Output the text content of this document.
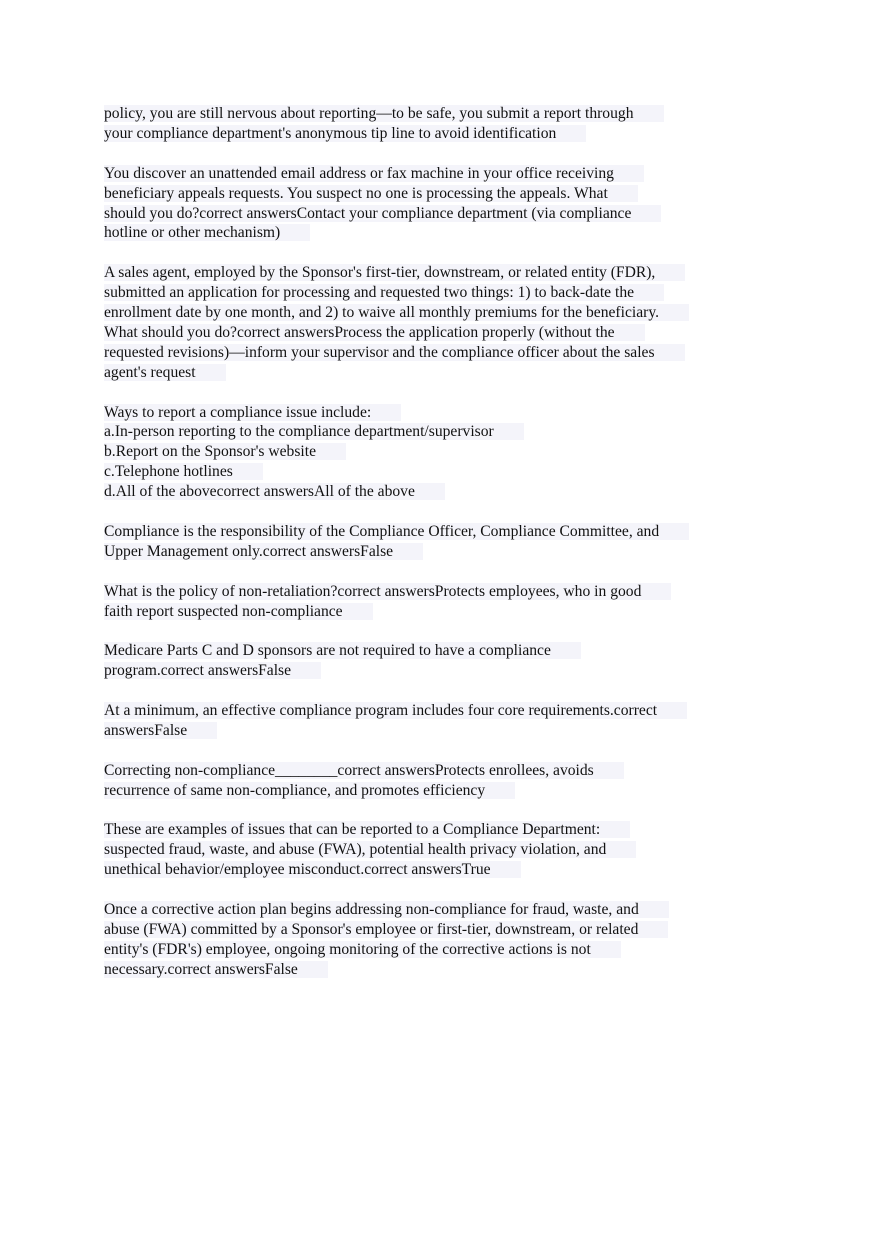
policy, you are still nervous about reporting—to be safe, you submit a report through
your compliance department's anonymous tip line to avoid identification
You discover an unattended email address or fax machine in your office receiving
beneficiary appeals requests. You suspect no one is processing the appeals. What
should you do?correct answersContact your compliance department (via compliance
hotline or other mechanism)
A sales agent, employed by the Sponsor's first-tier, downstream, or related entity (FDR),
submitted an application for processing and requested two things: 1) to back-date the
enrollment date by one month, and 2) to waive all monthly premiums for the beneficiary.
What should you do?correct answersProcess the application properly (without the
requested revisions)—inform your supervisor and the compliance officer about the sales
agent's request
Ways to report a compliance issue include:
a.In-person reporting to the compliance department/supervisor
b.Report on the Sponsor's website
c.Telephone hotlines
d.All of the abovecorrect answersAll of the above
Compliance is the responsibility of the Compliance Officer, Compliance Committee, and
Upper Management only.correct answersFalse
What is the policy of non-retaliation?correct answersProtects employees, who in good
faith report suspected non-compliance
Medicare Parts C and D sponsors are not required to have a compliance
program.correct answersFalse
At a minimum, an effective compliance program includes four core requirements.correct
answersFalse
Correcting non-compliance________correct answersProtects enrollees, avoids
recurrence of same non-compliance, and promotes efficiency
These are examples of issues that can be reported to a Compliance Department:
suspected fraud, waste, and abuse (FWA), potential health privacy violation, and
unethical behavior/employee misconduct.correct answersTrue
Once a corrective action plan begins addressing non-compliance for fraud, waste, and
abuse (FWA) committed by a Sponsor's employee or first-tier, downstream, or related
entity's (FDR's) employee, ongoing monitoring of the corrective actions is not
necessary.correct answersFalse
